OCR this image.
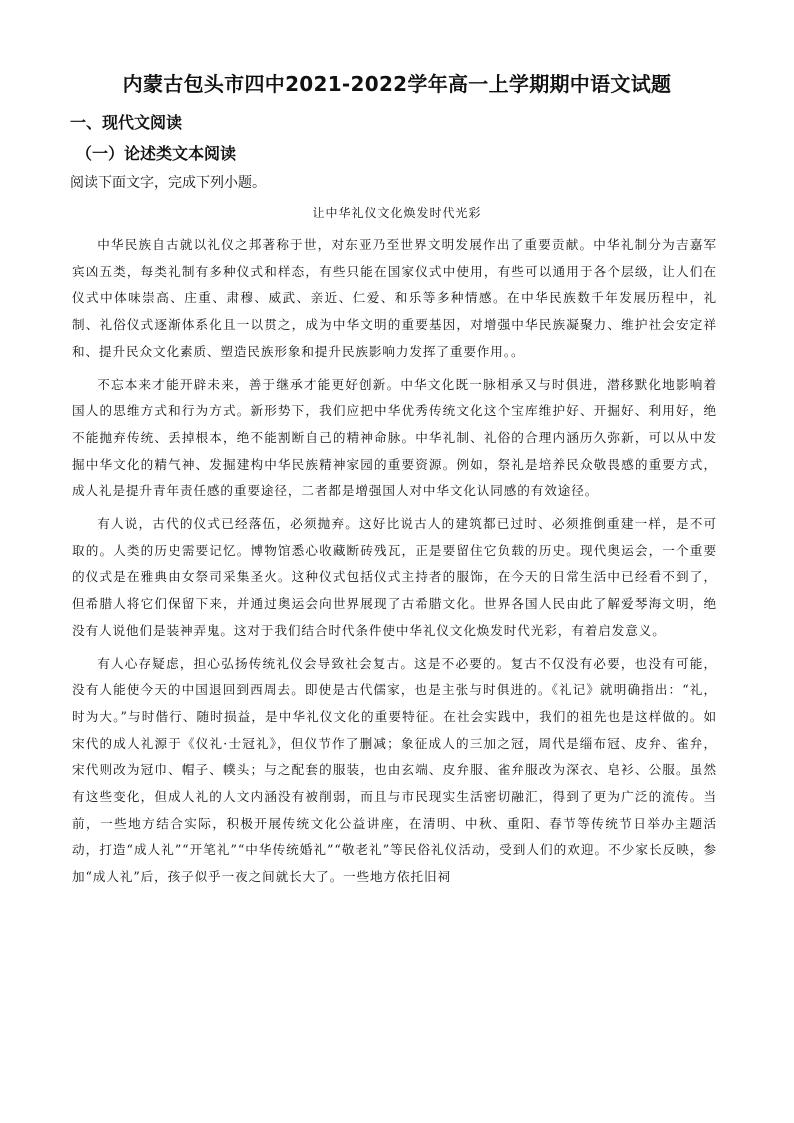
内蒙古包头市四中2021-2022学年高一上学期期中语文试题
一、现代文阅读
（一）论述类文本阅读
阅读下面文字，完成下列小题。
让中华礼仪文化焕发时代光彩

中华民族自古就以礼仪之邦著称于世，对东亚乃至世界文明发展作出了重要贡献。中华礼制分为吉嘉军宾凶五类，每类礼制有多种仪式和样态，有些只能在国家仪式中使用，有些可以通用于各个层级，让人们在仪式中体味崇高、庄重、肃穆、威武、亲近、仁爱、和乐等多种情感。在中华民族数千年发展历程中，礼制、礼俗仪式逐渐体系化且一以贯之，成为中华文明的重要基因，对增强中华民族凝聚力、维护社会安定祥和、提升民众文化素质、塑造民族形象和提升民族影响力发挥了重要作用。。

不忘本来才能开辟未来，善于继承才能更好创新。中华文化既一脉相承又与时俱进，潜移默化地影响着国人的思维方式和行为方式。新形势下，我们应把中华优秀传统文化这个宝库维护好、开掘好、利用好，绝不能抛弃传统、丢掉根本，绝不能割断自己的精神命脉。中华礼制、礼俗的合理内涵历久弥新，可以从中发掘中华文化的精气神、发掘建构中华民族精神家园的重要资源。例如，祭礼是培养民众敬畏感的重要方式，成人礼是提升青年责任感的重要途径，二者都是增强国人对中华文化认同感的有效途径。

有人说，古代的仪式已经落伍，必须抛弃。这好比说古人的建筑都已过时、必须推倒重建一样，是不可取的。人类的历史需要记忆。博物馆悉心收藏断砖残瓦，正是要留住它负载的历史。现代奥运会，一个重要的仪式是在雅典由女祭司采集圣火。这种仪式包括仪式主持者的服饰，在今天的日常生活中已经看不到了，但希腊人将它们保留下来，并通过奥运会向世界展现了古希腊文化。世界各国人民由此了解爱琴海文明，绝没有人说他们是装神弄鬼。这对于我们结合时代条件使中华礼仪文化焕发时代光彩，有着启发意义。

有人心存疑虑，担心弘扬传统礼仪会导致社会复古。这是不必要的。复古不仅没有必要，也没有可能，没有人能使今天的中国退回到西周去。即使是古代儒家，也是主张与时俱进的。《礼记》就明确指出：“礼，时为大。”与时偕行、随时损益，是中华礼仪文化的重要特征。在社会实践中，我们的祖先也是这样做的。如宋代的成人礼源于《仪礼·士冠礼》，但仪节作了删减；象征成人的三加之冠，周代是缁布冠、皮弁、雀弁，宋代则改为冠巾、帽子、幞头；与之配套的服装，也由玄端、皮弁服、雀弁服改为深衣、皂衫、公服。虽然有这些变化，但成人礼的人文内涵没有被削弱，而且与市民现实生活密切融汇，得到了更为广泛的流传。当前，一些地方结合实际，积极开展传统文化公益讲座，在清明、中秋、重阳、春节等传统节日举办主题活动，打造“成人礼”“开笔礼”“中华传统婚礼”“敬老礼”等民俗礼仪活动，受到人们的欢迎。不少家长反映，参加“成人礼”后，孩子似乎一夜之间就长大了。一些地方依托旧祠
